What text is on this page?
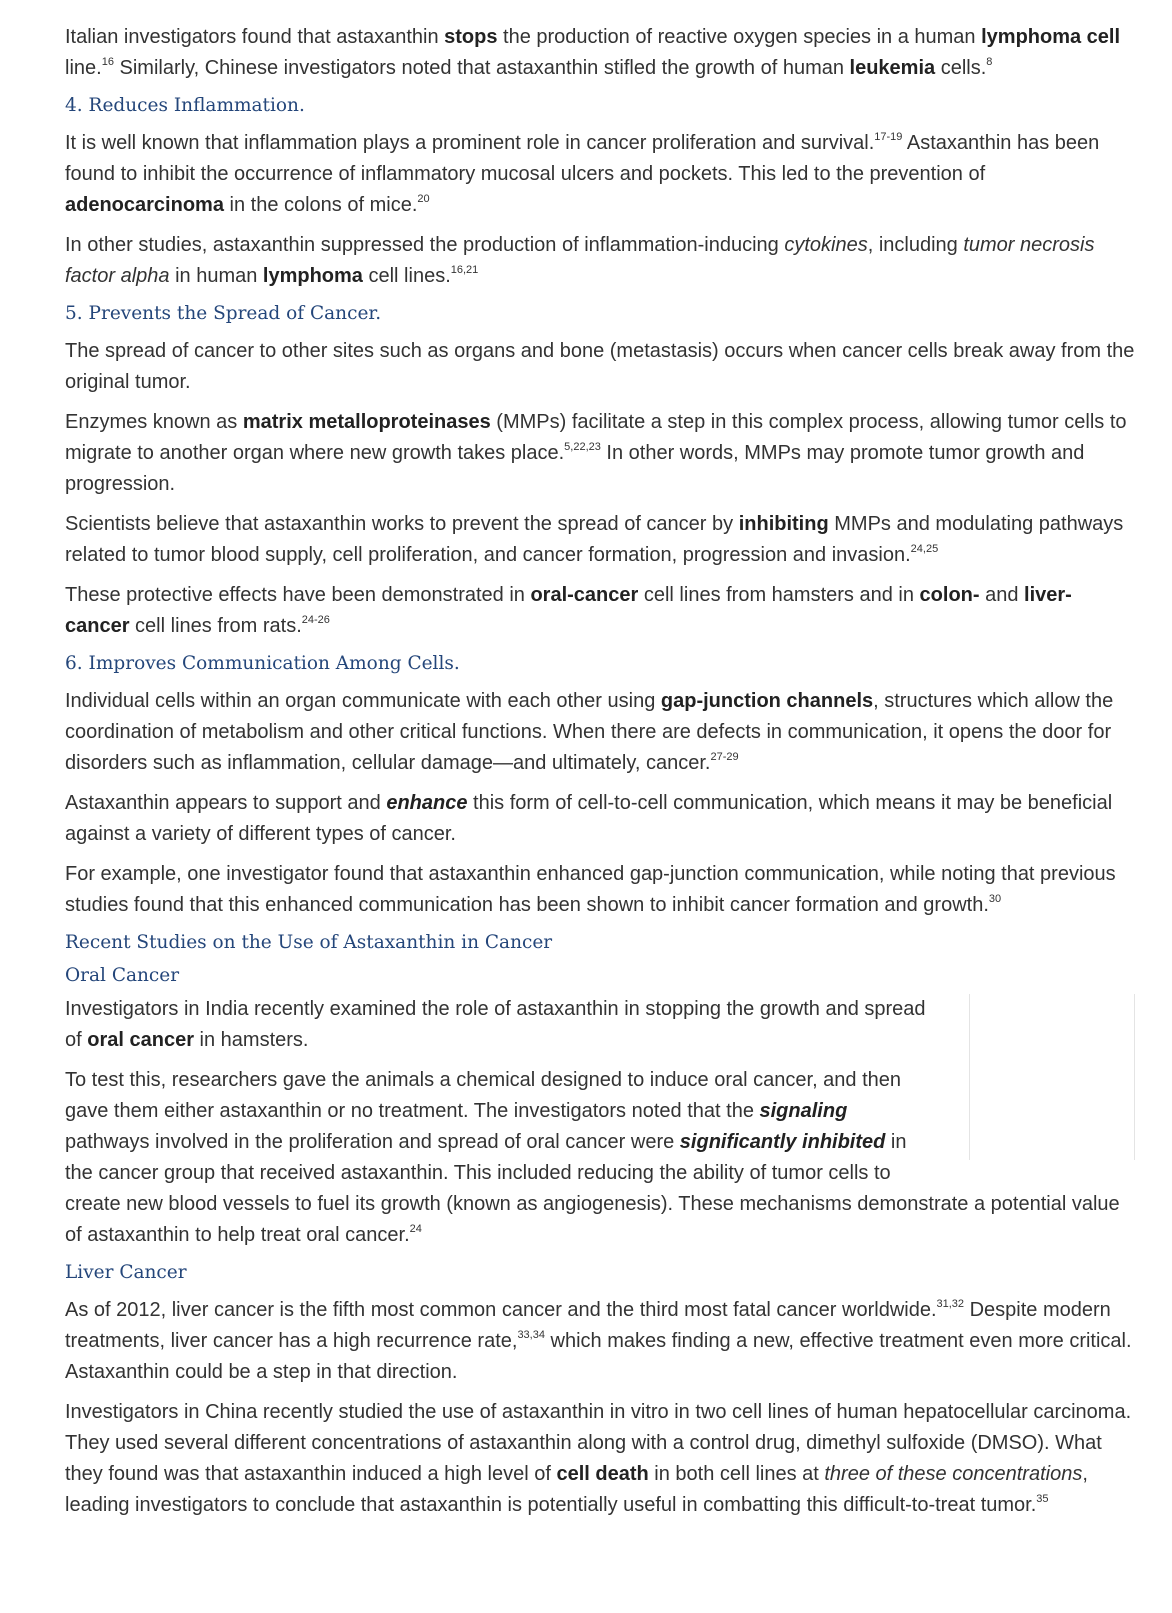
Italian investigators found that astaxanthin stops the production of reactive oxygen species in a human lymphoma cell line.$^{16}$ Similarly, Chinese investigators noted that astaxanthin stifled the growth of human leukemia cells.$^8$

4. Reduces Inflammation.

It is well known that inflammation plays a prominent role in cancer proliferation and survival.$^{17-19}$ Astaxanthin has been found to inhibit the occurrence of inflammatory mucosal ulcers and pockets. This led to the prevention of adenocarcinoma in the colons of mice.$^{20}$

In other studies, astaxanthin suppressed the production of inflammation-inducing cytokines, including tumor necrosis factor alpha in human lymphoma cell lines.$^{16,21}$

5. Prevents the Spread of Cancer.

The spread of cancer to other sites such as organs and bone (metastasis) occurs when cancer cells break away from the original tumor.

Enzymes known as matrix metalloproteinases (MMPs) facilitate a step in this complex process, allowing tumor cells to migrate to another organ where new growth takes place.$^{5,22,23}$ In other words, MMPs may promote tumor growth and progression.

Scientists believe that astaxanthin works to prevent the spread of cancer by inhibiting MMPs and modulating pathways related to tumor blood supply, cell proliferation, and cancer formation, progression and invasion.$^{24,25}$

These protective effects have been demonstrated in oral-cancer cell lines from hamsters and in colon- and liver-cancer cell lines from rats.$^{24-26}$

6. Improves Communication Among Cells.

Individual cells within an organ communicate with each other using gap-junction channels, structures which allow the coordination of metabolism and other critical functions. When there are defects in communication, it opens the door for disorders such as inflammation, cellular damage—and ultimately, cancer.$^{27-29}$

Astaxanthin appears to support and enhance this form of cell-to-cell communication, which means it may be beneficial against a variety of different types of cancer.

For example, one investigator found that astaxanthin enhanced gap-junction communication, while noting that previous studies found that this enhanced communication has been shown to inhibit cancer formation and growth.$^{30}$

Recent Studies on the Use of Astaxanthin in Cancer
Oral Cancer

Investigators in India recently examined the role of astaxanthin in stopping the growth and spread of oral cancer in hamsters.

To test this, researchers gave the animals a chemical designed to induce oral cancer, and then gave them either astaxanthin or no treatment. The investigators noted that the signaling pathways involved in the proliferation and spread of oral cancer were significantly inhibited in the cancer group that received astaxanthin. This included reducing the ability of tumor cells to create new blood vessels to fuel its growth (known as angiogenesis). These mechanisms demonstrate a potential value of astaxanthin to help treat oral cancer.$^{24}$

Liver Cancer

As of 2012, liver cancer is the fifth most common cancer and the third most fatal cancer worldwide.$^{31,32}$ Despite modern treatments, liver cancer has a high recurrence rate,$^{33,34}$ which makes finding a new, effective treatment even more critical. Astaxanthin could be a step in that direction.

Investigators in China recently studied the use of astaxanthin in vitro in two cell lines of human hepatocellular carcinoma. They used several different concentrations of astaxanthin along with a control drug, dimethyl sulfoxide (DMSO). What they found was that astaxanthin induced a high level of cell death in both cell lines at three of these concentrations, leading investigators to conclude that astaxanthin is potentially useful in combatting this difficult-to-treat tumor.$^{35}$
